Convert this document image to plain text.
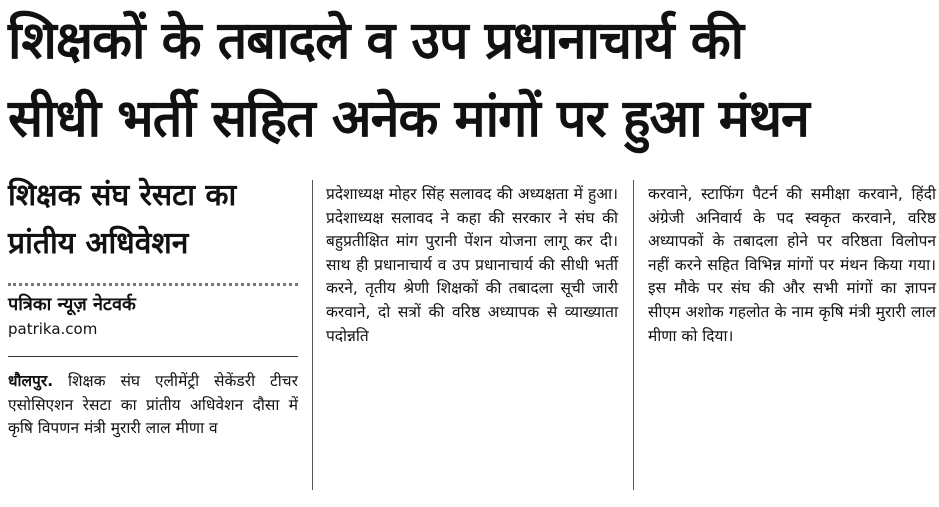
शिक्षकों के तबादले व उप प्रधानाचार्य की
सीधी भर्ती सहित अनेक मांगों पर हुआ मंथन
शिक्षक संघ रेसटा का
प्रांतीय अधिवेशन
पत्रिका न्यूज़ नेटवर्क
patrika.com
धौलपुर. शिक्षक संघ एलीमेंट्री सेकेंडरी टीचर एसोसिएशन रेसटा का प्रांतीय अधिवेशन दौसा में कृषि विपणन मंत्री मुरारी लाल मीणा व
प्रदेशाध्यक्ष मोहर सिंह सलावद की अध्यक्षता में हुआ। प्रदेशाध्यक्ष सलावद ने कहा की सरकार ने संघ की बहुप्रतीक्षित मांग पुरानी पेंशन योजना लागू कर दी। साथ ही प्रधानाचार्य व उप प्रधानाचार्य की सीधी भर्ती करने, तृतीय श्रेणी शिक्षकों की तबादला सूची जारी करवाने, दो सत्रों की वरिष्ठ अध्यापक से व्याख्याता पदोन्नति
करवाने, स्टाफिंग पैटर्न की समीक्षा करवाने, हिंदी अंग्रेजी अनिवार्य के पद स्वकृत करवाने, वरिष्ठ अध्यापकों के तबादला होने पर वरिष्ठता विलोपन नहीं करने सहित विभिन्न मांगों पर मंथन किया गया। इस मौके पर संघ की और सभी मांगों का ज्ञापन सीएम अशोक गहलोत के नाम कृषि मंत्री मुरारी लाल मीणा को दिया।
